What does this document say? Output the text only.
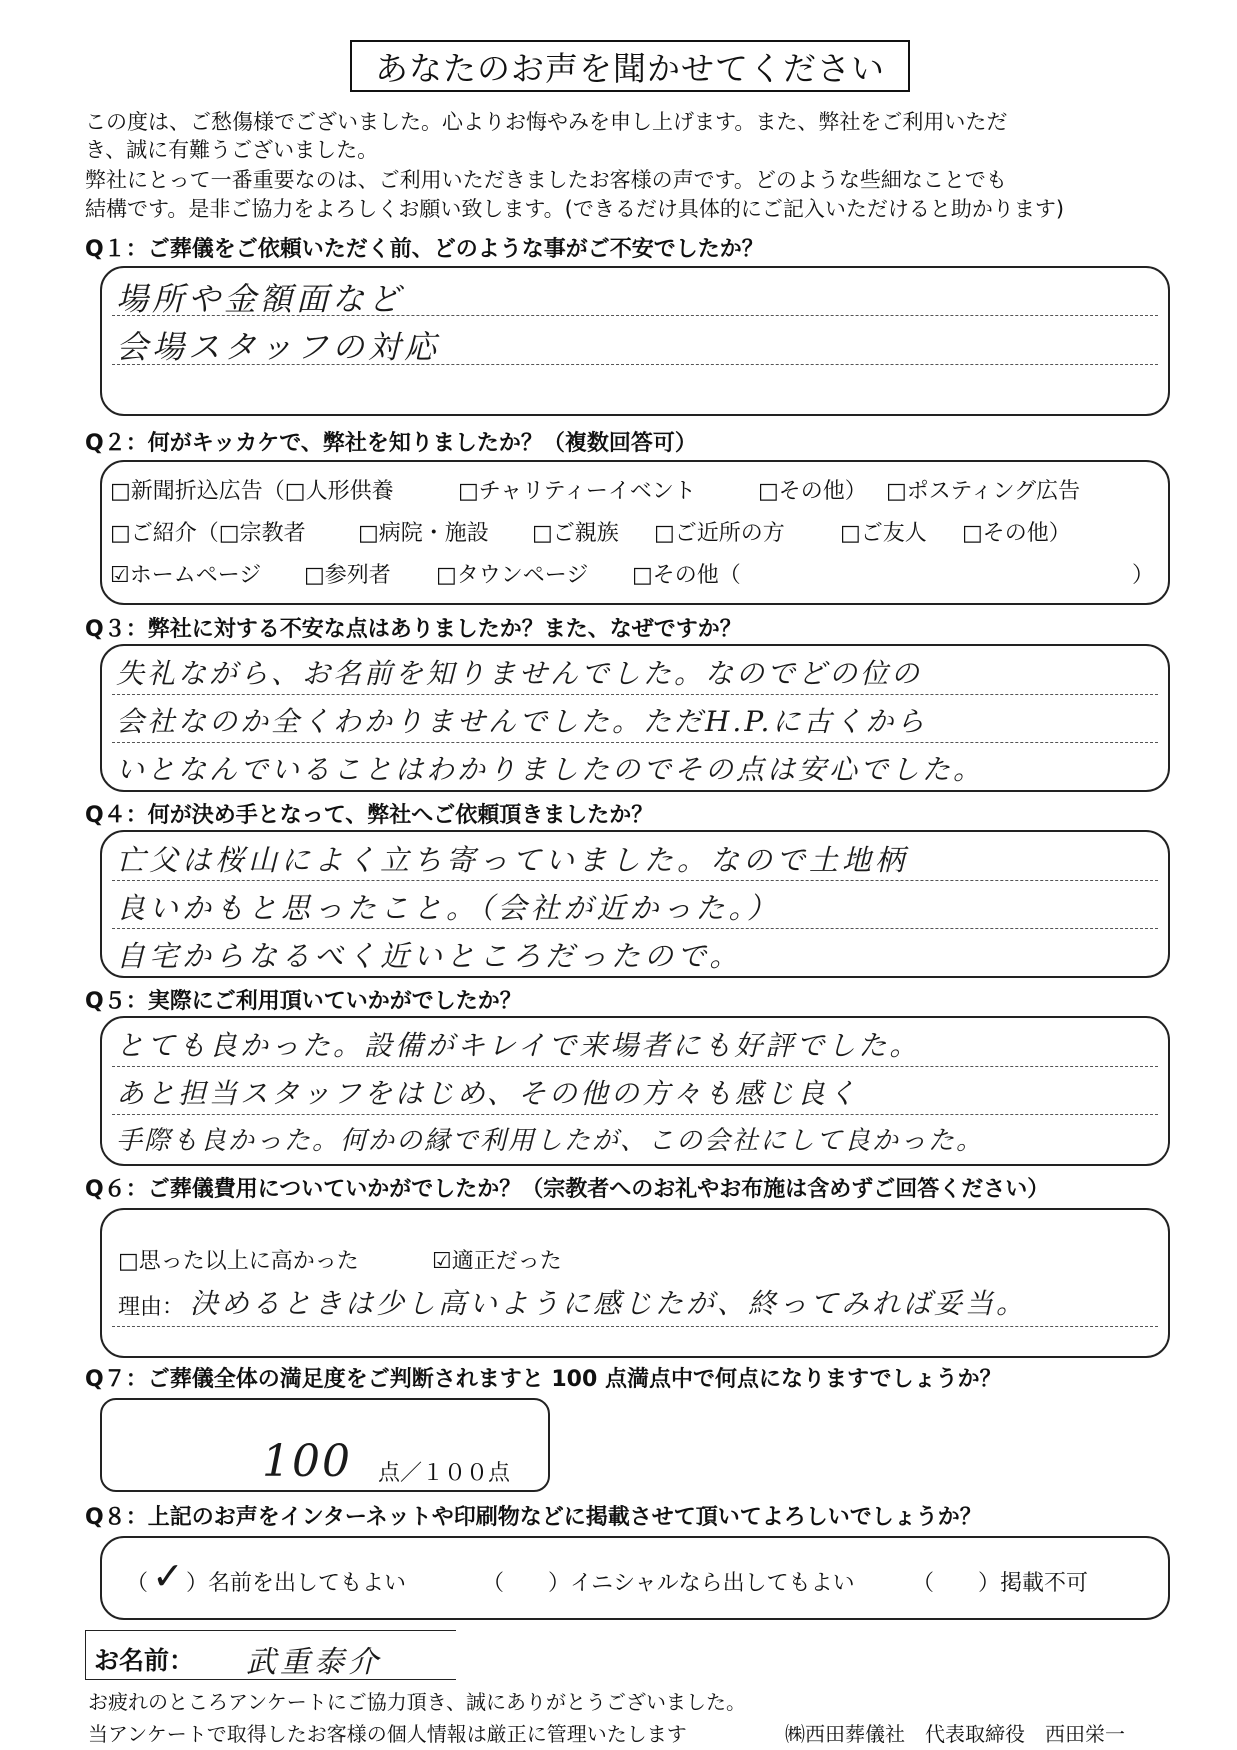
あなたのお声を聞かせてください
この度は、ご愁傷様でございました。心よりお悔やみを申し上げます。また、弊社をご利用いただ
き、誠に有難うございました。
弊社にとって一番重要なのは、ご利用いただきましたお客様の声です。どのような些細なことでも
結構です。是非ご協力をよろしくお願い致します。(できるだけ具体的にご記入いただけると助かります)
Q１：ご葬儀をご依頼いただく前、どのような事がご不安でしたか？
場所や金額面など
会場スタッフの対応
Q２：何がキッカケで、弊社を知りましたか？（複数回答可）
□新聞折込広告（□人形供養	□チャリティーイベント	□その他） □ポスティング広告
□ご紹介（□宗教者 □病院・施設 □ご親族 □ご近所の方	□ご友人 □その他）
☑ホームページ □参列者 □タウンページ □その他（	）
Q３：弊社に対する不安な点はありましたか？また、なぜですか？
失礼ながら、お名前を知りませんでした。なのでどの位の
会社なのか全くわかりませんでした。ただH.P.に古くから
いとなんでいることはわかりましたのでその点は安心でした。
Q４：何が決め手となって、弊社へご依頼頂きましたか？
亡父は桜山によく立ち寄っていました。なので土地柄
良いかもと思ったこと。（会社が近かった。）
自宅からなるべく近いところだったので。
Q５：実際にご利用頂いていかがでしたか？
とても良かった。設備がキレイで来場者にも好評でした。
あと担当スタッフをはじめ、その他の方々も感じ良く
手際も良かった。何かの縁で利用したが、この会社にして良かった。
Q６：ご葬儀費用についていかがでしたか？（宗教者へのお礼やお布施は含めずご回答ください）
□思った以上に高かった	☑適正だった
理由： 決めるときは少し高いように感じたが、終ってみれば妥当。
Q７：ご葬儀全体の満足度をご判断されますと 100 点満点中で何点になりますでしょうか？
100 点／１００点
Q８：上記のお声をインターネットや印刷物などに掲載させて頂いてよろしいでしょうか？
（ ✓
）名前を出してもよい	（　　）イニシャルなら出してもよい	（　　）掲載不可
お名前： 武重泰介
お疲れのところアンケートにご協力頂き、誠にありがとうございました。
当アンケートで取得したお客様の個人情報は厳正に管理いたします	㈱西田葬儀社　代表取締役　西田栄一
